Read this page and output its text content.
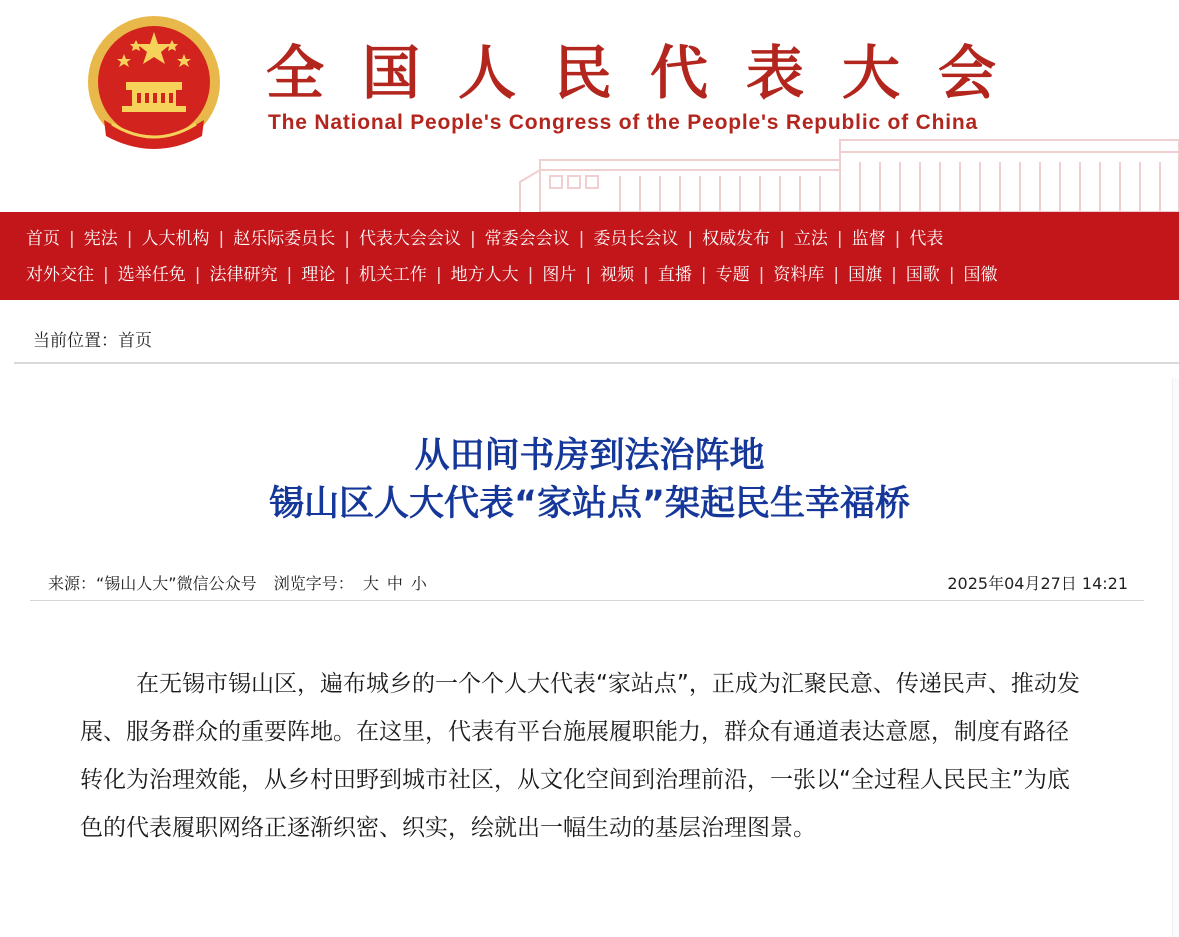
全国人民代表大会
The National People's Congress of the People's Republic of China
首页 | 宪法 | 人大机构 | 赵乐际委员长 | 代表大会会议 | 常委会会议 | 委员长会议 | 权威发布 | 立法 | 监督 | 代表
对外交往 | 选举任免 | 法律研究 | 理论 | 机关工作 | 地方人大 | 图片 | 视频 | 直播 | 专题 | 资料库 | 国旗 | 国歌 | 国徽
当前位置：首页
从田间书房到法治阵地
锡山区人大代表“家站点”架起民生幸福桥
来源：“锡山人大”微信公众号 浏览字号： 大 中 小	2025年04月27日 14:21

在无锡市锡山区，遍布城乡的一个个人大代表“家站点”，正成为汇聚民意、传递民声、推动发展、服务群众的重要阵地。在这里，代表有平台施展履职能力，群众有通道表达意愿，制度有路径转化为治理效能，从乡村田野到城市社区，从文化空间到治理前沿，一张以“全过程人民民主”为底色的代表履职网络正逐渐织密、织实，绘就出一幅生动的基层治理图景。
